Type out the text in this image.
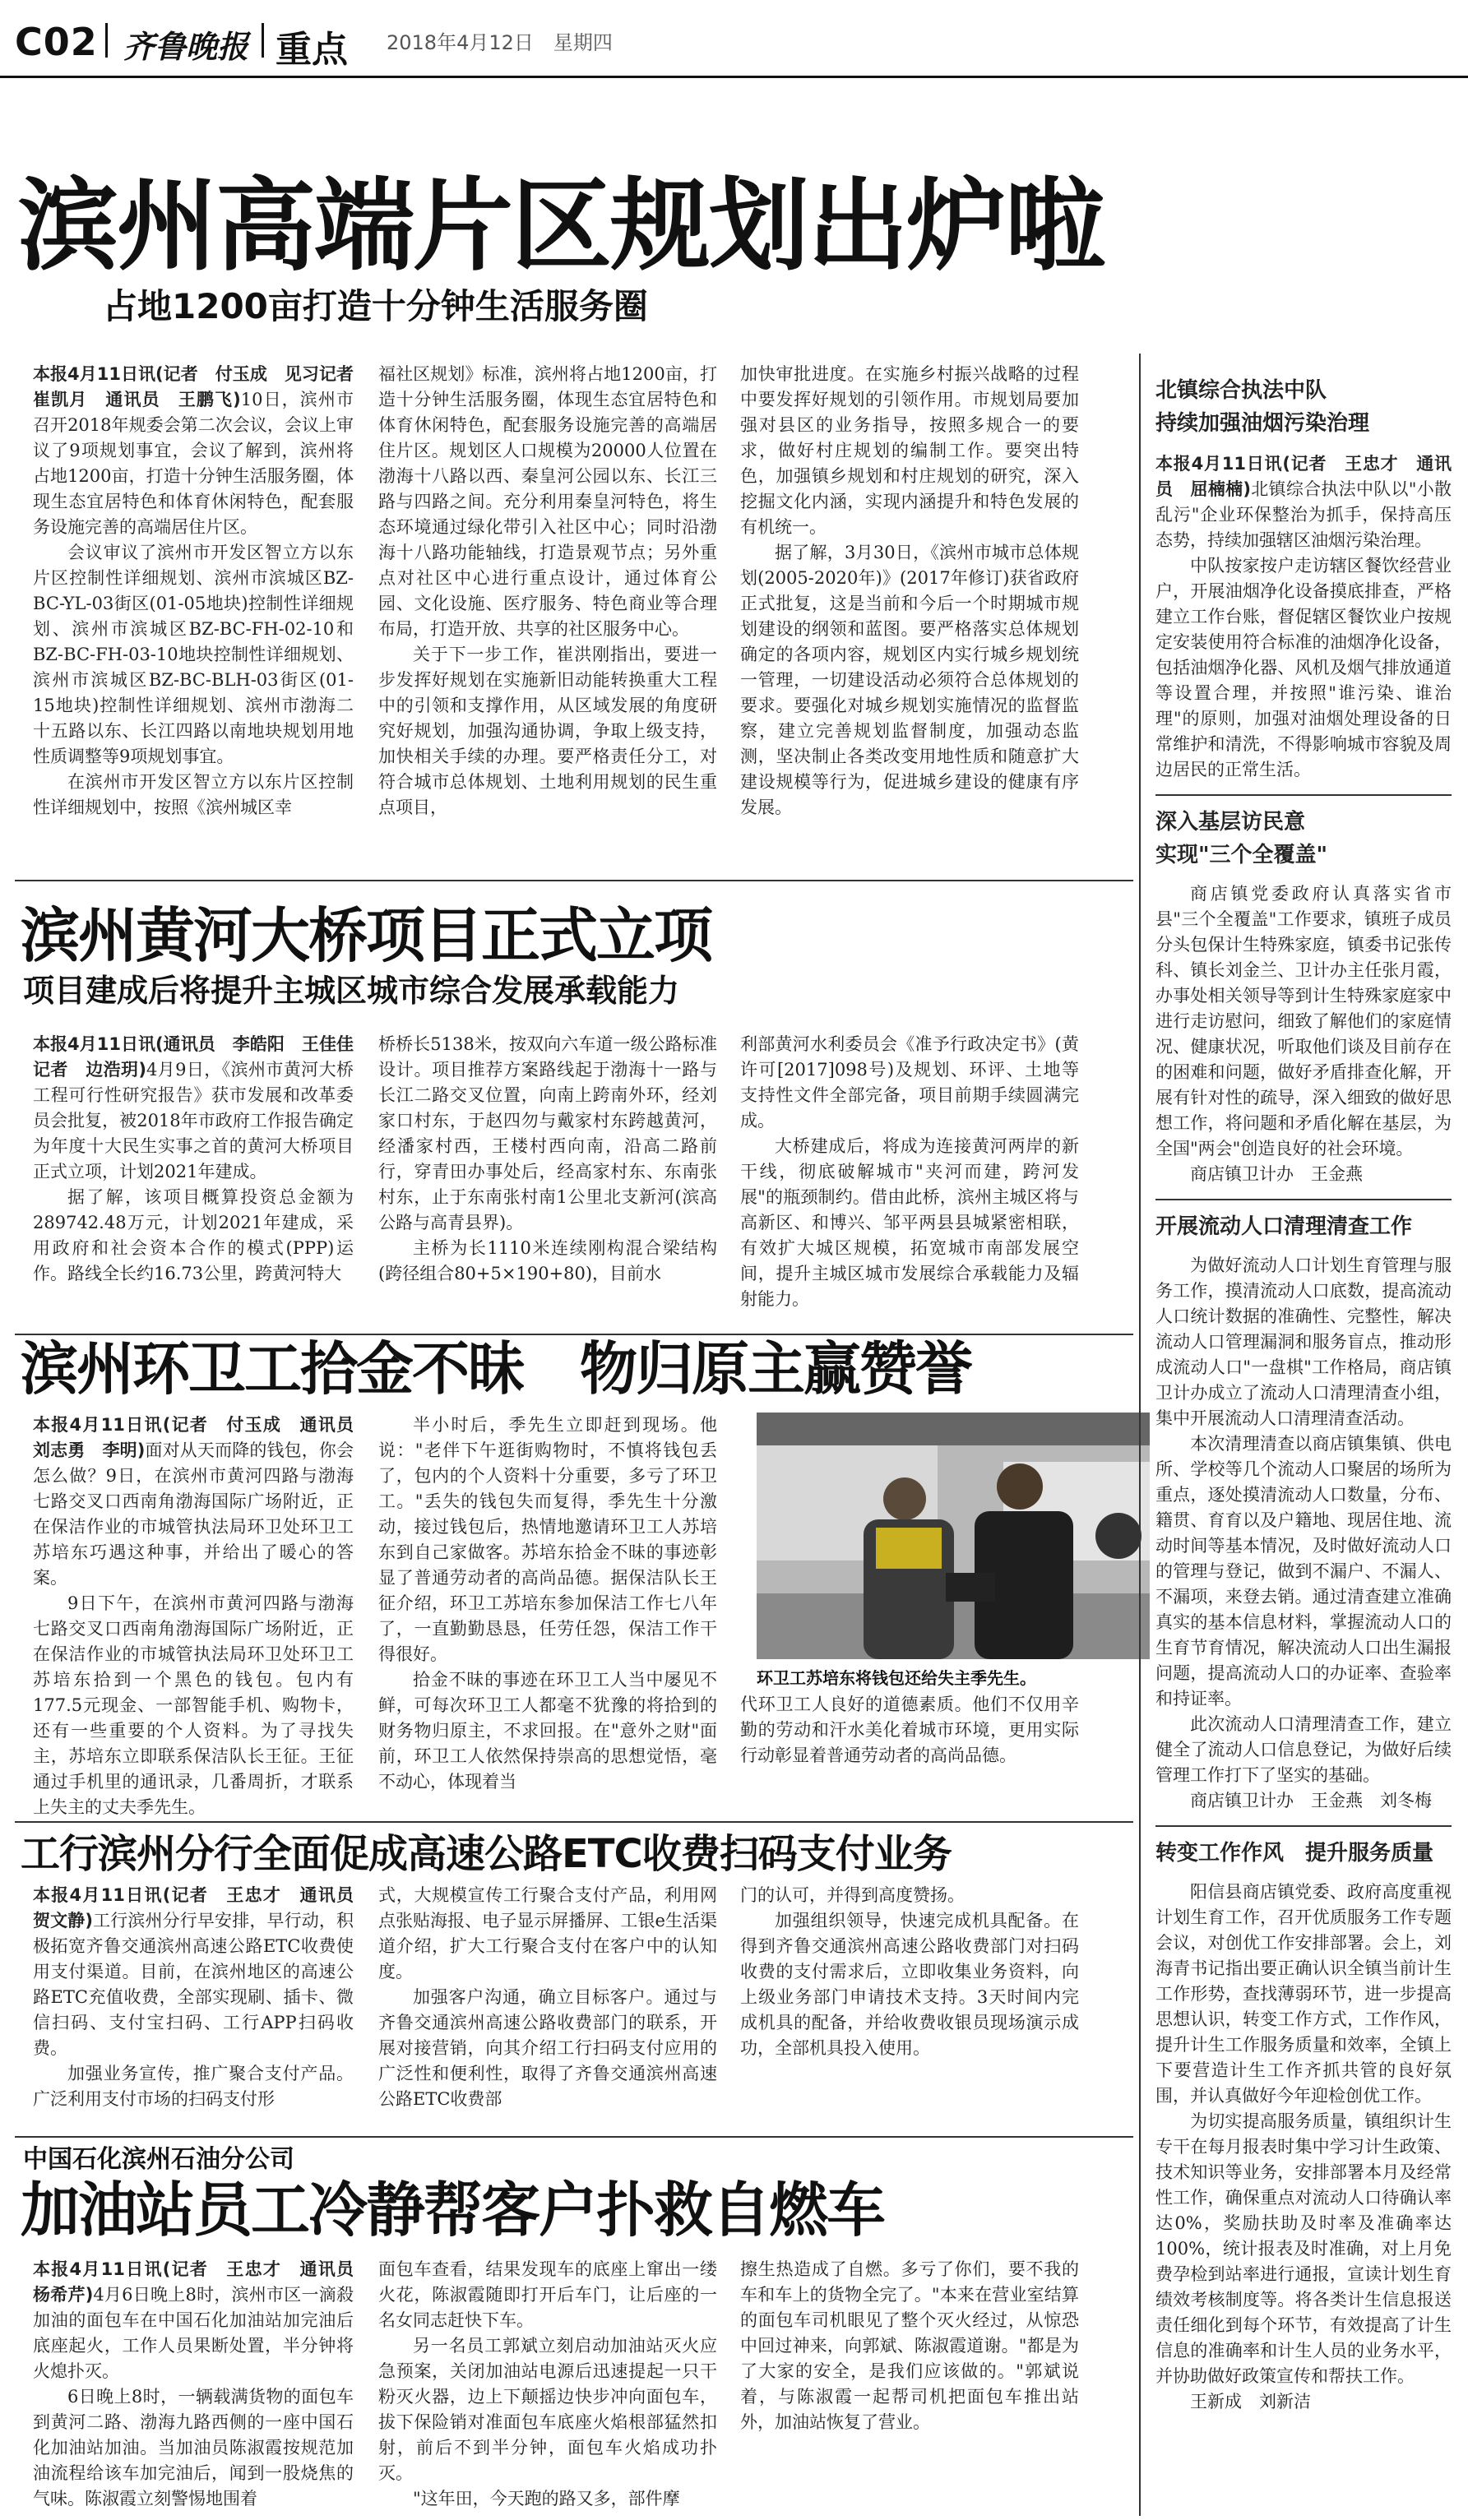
C02 齐鲁晚报 重点 2018年4月12日　星期四
滨州高端片区规划出炉啦
占地1200亩打造十分钟生活服务圈

本报4月11日讯(记者　付玉成　见习记者　崔凯月　通讯员　王鹏飞)10日，滨州市召开2018年规委会第二次会议，会议上审议了9项规划事宜，会议了解到，滨州将占地1200亩，打造十分钟生活服务圈，体现生态宜居特色和体育休闲特色，配套服务设施完善的高端居住片区。

会议审议了滨州市开发区智立方以东片区控制性详细规划、滨州市滨城区BZ-BC-YL-03街区(01-05地块)控制性详细规划、滨州市滨城区BZ-BC-FH-02-10和BZ-BC-FH-03-10地块控制性详细规划、滨州市滨城区BZ-BC-BLH-03街区(01-15地块)控制性详细规划、滨州市渤海二十五路以东、长江四路以南地块规划用地性质调整等9项规划事宜。

在滨州市开发区智立方以东片区控制性详细规划中，按照《滨州城区幸

福社区规划》标准，滨州将占地1200亩，打造十分钟生活服务圈，体现生态宜居特色和体育休闲特色，配套服务设施完善的高端居住片区。规划区人口规模为20000人位置在渤海十八路以西、秦皇河公园以东、长江三路与四路之间。充分利用秦皇河特色，将生态环境通过绿化带引入社区中心；同时沿渤海十八路功能轴线，打造景观节点；另外重点对社区中心进行重点设计，通过体育公园、文化设施、医疗服务、特色商业等合理布局，打造开放、共享的社区服务中心。

关于下一步工作，崔洪刚指出，要进一步发挥好规划在实施新旧动能转换重大工程中的引领和支撑作用，从区域发展的角度研究好规划，加强沟通协调，争取上级支持，加快相关手续的办理。要严格责任分工，对符合城市总体规划、土地利用规划的民生重点项目，

加快审批进度。在实施乡村振兴战略的过程中要发挥好规划的引领作用。市规划局要加强对县区的业务指导，按照多规合一的要求，做好村庄规划的编制工作。要突出特色，加强镇乡规划和村庄规划的研究，深入挖掘文化内涵，实现内涵提升和特色发展的有机统一。

据了解，3月30日，《滨州市城市总体规划(2005-2020年)》(2017年修订)获省政府正式批复，这是当前和今后一个时期城市规划建设的纲领和蓝图。要严格落实总体规划确定的各项内容，规划区内实行城乡规划统一管理，一切建设活动必须符合总体规划的要求。要强化对城乡规划实施情况的监督监察，建立完善规划监督制度，加强动态监测，坚决制止各类改变用地性质和随意扩大建设规模等行为，促进城乡建设的健康有序发展。

滨州黄河大桥项目正式立项
项目建成后将提升主城区城市综合发展承载能力

本报4月11日讯(通讯员　李皓阳　王佳佳　记者　边浩玥)4月9日，《滨州市黄河大桥工程可行性研究报告》获市发展和改革委员会批复，被2018年市政府工作报告确定为年度十大民生实事之首的黄河大桥项目正式立项，计划2021年建成。

据了解，该项目概算投资总金额为289742.48万元，计划2021年建成，采用政府和社会资本合作的模式(PPP)运作。路线全长约16.73公里，跨黄河特大

桥桥长5138米，按双向六车道一级公路标准设计。项目推荐方案路线起于渤海十一路与长江二路交叉位置，向南上跨南外环，经刘家口村东，于赵四勿与戴家村东跨越黄河，经潘家村西，王楼村西向南，沿高二路前行，穿青田办事处后，经高家村东、东南张村东，止于东南张村南1公里北支新河(滨高公路与高青县界)。

主桥为长1110米连续刚构混合梁结构(跨径组合80+5×190+80)，目前水

利部黄河水利委员会《准予行政决定书》(黄许可[2017]098号)及规划、环评、土地等支持性文件全部完备，项目前期手续圆满完成。

大桥建成后，将成为连接黄河两岸的新干线，彻底破解城市"夹河而建，跨河发展"的瓶颈制约。借由此桥，滨州主城区将与高新区、和博兴、邹平两县县城紧密相联，有效扩大城区规模，拓宽城市南部发展空间，提升主城区城市发展综合承载能力及辐射能力。

滨州环卫工拾金不昧　物归原主赢赞誉

本报4月11日讯(记者　付玉成　通讯员　刘志勇　李明)面对从天而降的钱包，你会怎么做？9日，在滨州市黄河四路与渤海七路交叉口西南角渤海国际广场附近，正在保洁作业的市城管执法局环卫处环卫工苏培东巧遇这种事，并给出了暖心的答案。

9日下午，在滨州市黄河四路与渤海七路交叉口西南角渤海国际广场附近，正在保洁作业的市城管执法局环卫处环卫工苏培东拾到一个黑色的钱包。包内有177.5元现金、一部智能手机、购物卡，还有一些重要的个人资料。为了寻找失主，苏培东立即联系保洁队长王征。王征通过手机里的通讯录，几番周折，才联系上失主的丈夫季先生。

半小时后，季先生立即赶到现场。他说："老伴下午逛街购物时，不慎将钱包丢了，包内的个人资料十分重要，多亏了环卫工。"丢失的钱包失而复得，季先生十分激动，接过钱包后，热情地邀请环卫工人苏培东到自己家做客。苏培东拾金不昧的事迹彰显了普通劳动者的高尚品德。据保洁队长王征介绍，环卫工苏培东参加保洁工作七八年了，一直勤勤恳恳，任劳任怨，保洁工作干得很好。

拾金不昧的事迹在环卫工人当中屡见不鲜，可每次环卫工人都毫不犹豫的将拾到的财务物归原主，不求回报。在"意外之财"面前，环卫工人依然保持崇高的思想觉悟，毫不动心，体现着当

环卫工苏培东将钱包还给失主季先生。

代环卫工人良好的道德素质。他们不仅用辛勤的劳动和汗水美化着城市环境，更用实际行动彰显着普通劳动者的高尚品德。

工行滨州分行全面促成高速公路ETC收费扫码支付业务

本报4月11日讯(记者　王忠才　通讯员　贺文静)工行滨州分行早安排，早行动，积极拓宽齐鲁交通滨州高速公路ETC收费使用支付渠道。目前，在滨州地区的高速公路ETC充值收费，全部实现刷、插卡、微信扫码、支付宝扫码、工行APP扫码收费。

加强业务宣传，推广聚合支付产品。广泛利用支付市场的扫码支付形

式，大规模宣传工行聚合支付产品，利用网点张贴海报、电子显示屏播屏、工银e生活渠道介绍，扩大工行聚合支付在客户中的认知度。

加强客户沟通，确立目标客户。通过与齐鲁交通滨州高速公路收费部门的联系，开展对接营销，向其介绍工行扫码支付应用的广泛性和便利性，取得了齐鲁交通滨州高速公路ETC收费部

门的认可，并得到高度赞扬。

加强组织领导，快速完成机具配备。在得到齐鲁交通滨州高速公路收费部门对扫码收费的支付需求后，立即收集业务资料，向上级业务部门申请技术支持。3天时间内完成机具的配备，并给收费收银员现场演示成功，全部机具投入使用。

中国石化滨州石油分公司
加油站员工冷静帮客户扑救自燃车

本报4月11日讯(记者　王忠才　通讯员　杨希芹)4月6日晚上8时，滨州市区一滴殺加油的面包车在中国石化加油站加完油后底座起火，工作人员果断处置，半分钟将火熄扑灭。

6日晚上8时，一辆载满货物的面包车到黄河二路、渤海九路西侧的一座中国石化加油站加油。当加油员陈淑霞按规范加油流程给该车加完油后，闻到一股烧焦的气味。陈淑霞立刻警惕地围着

面包车查看，结果发现车的底座上窜出一缕火花，陈淑霞随即打开后车门，让后座的一名女同志赶快下车。

另一名员工郭斌立刻启动加油站灭火应急预案，关闭加油站电源后迅速提起一只干粉灭火器，边上下颠摇边快步冲向面包车，拔下保险销对准面包车底座火焰根部猛然扣射，前后不到半分钟，面包车火焰成功扑灭。

"这年田，今天跑的路又多，部件摩

擦生热造成了自燃。多亏了你们，要不我的车和车上的货物全完了。"本来在营业室结算的面包车司机眼见了整个灭火经过，从惊恐中回过神来，向郭斌、陈淑霞道谢。"都是为了大家的安全，是我们应该做的。"郭斌说着，与陈淑霞一起帮司机把面包车推出站外，加油站恢复了营业。

北镇综合执法中队
持续加强油烟污染治理

本报4月11日讯(记者　王忠才　通讯员　屈楠楠)北镇综合执法中队以"小散乱污"企业环保整治为抓手，保持高压态势，持续加强辖区油烟污染治理。

中队按家按户走访辖区餐饮经营业户，开展油烟净化设备摸底排查，严格建立工作台账，督促辖区餐饮业户按规定安装使用符合标准的油烟净化设备，包括油烟净化器、风机及烟气排放通道等设置合理，并按照"谁污染、谁治理"的原则，加强对油烟处理设备的日常维护和清洗，不得影响城市容貌及周边居民的正常生活。

深入基层访民意
实现"三个全覆盖"

商店镇党委政府认真落实省市县"三个全覆盖"工作要求，镇班子成员分头包保计生特殊家庭，镇委书记张传科、镇长刘金兰、卫计办主任张月霞，办事处相关领导等到计生特殊家庭家中进行走访慰问，细致了解他们的家庭情况、健康状况，听取他们谈及目前存在的困难和问题，做好矛盾排查化解，开展有针对性的疏导，深入细致的做好思想工作，将问题和矛盾化解在基层，为全国"两会"创造良好的社会环境。

商店镇卫计办　王金燕

开展流动人口清理清查工作

为做好流动人口计划生育管理与服务工作，摸清流动人口底数，提高流动人口统计数据的准确性、完整性，解决流动人口管理漏洞和服务盲点，推动形成流动人口"一盘棋"工作格局，商店镇卫计办成立了流动人口清理清查小组，集中开展流动人口清理清查活动。

本次清理清查以商店镇集镇、供电所、学校等几个流动人口聚居的场所为重点，逐处摸清流动人口数量，分布、籍贯、育育以及户籍地、现居住地、流动时间等基本情况，及时做好流动人口的管理与登记，做到不漏户、不漏人、不漏项，来登去销。通过清查建立准确真实的基本信息材料，掌握流动人口的生育节育情况，解决流动人口出生漏报问题，提高流动人口的办证率、查验率和持证率。

此次流动人口清理清查工作，建立健全了流动人口信息登记，为做好后续管理工作打下了坚实的基础。

商店镇卫计办　王金燕　刘冬梅

转变工作作风　提升服务质量

阳信县商店镇党委、政府高度重视计划生育工作，召开优质服务工作专题会议，对创优工作安排部署。会上，刘海青书记指出要正确认识全镇当前计生工作形势，查找薄弱环节，进一步提高思想认识，转变工作方式，工作作风，提升计生工作服务质量和效率，全镇上下要营造计生工作齐抓共管的良好氛围，并认真做好今年迎检创优工作。

为切实提高服务质量，镇组织计生专干在每月报表时集中学习计生政策、技术知识等业务，安排部署本月及经常性工作，确保重点对流动人口待确认率达0%，奖励扶助及时率及准确率达100%，统计报表及时准确，对上月免费孕检到站率进行通报，宣读计划生育绩效考核制度等。将各类计生信息报送责任细化到每个环节，有效提高了计生信息的准确率和计生人员的业务水平，并协助做好政策宣传和帮扶工作。

王新成　刘新洁
